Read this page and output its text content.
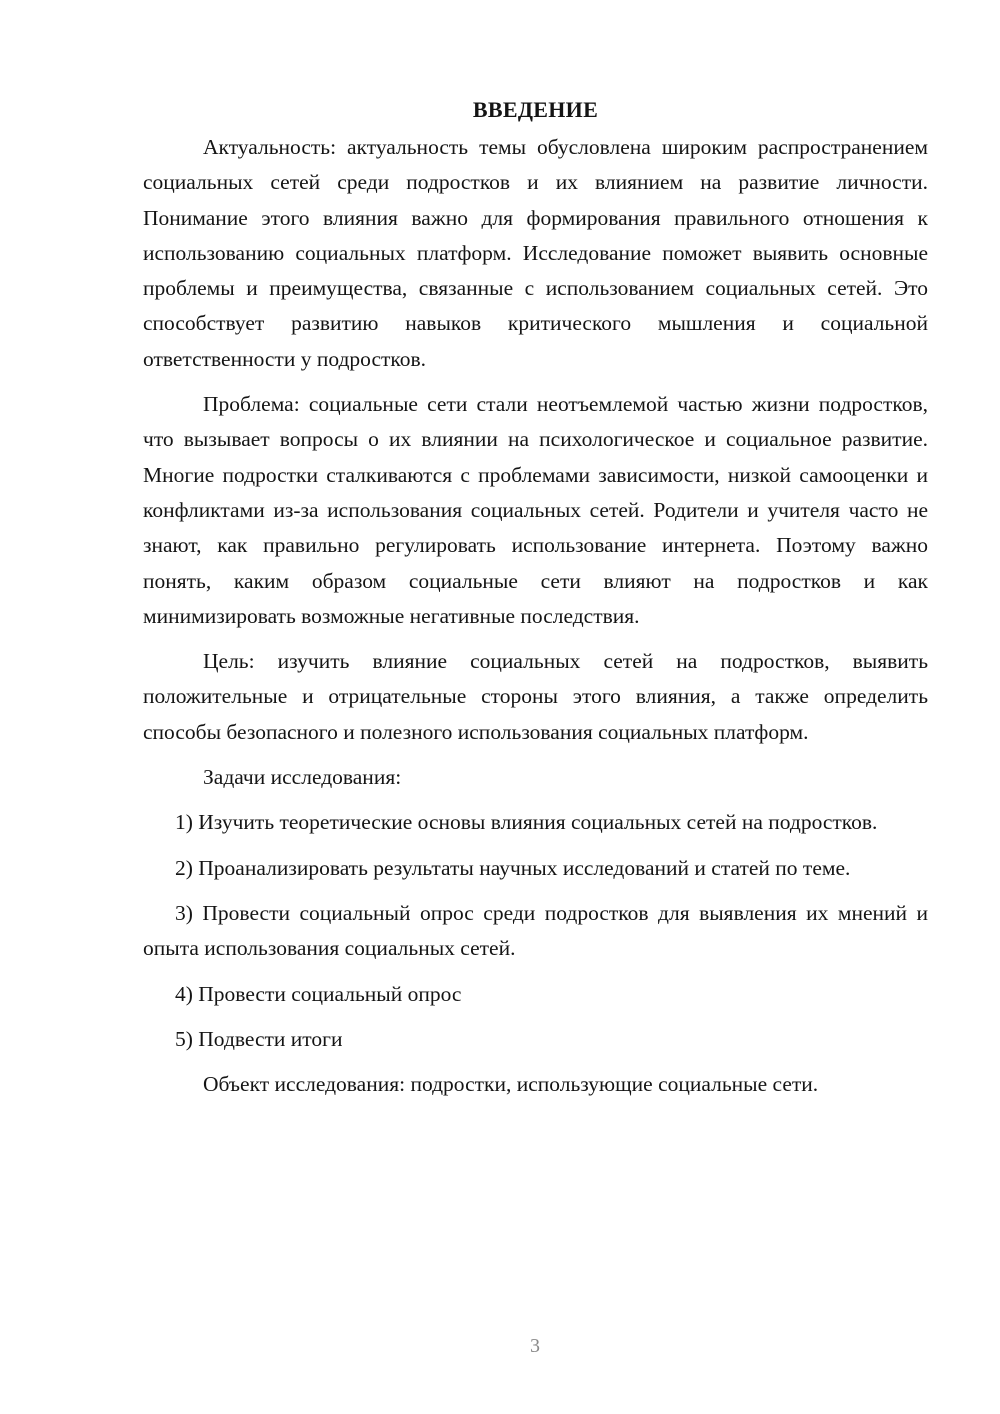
ВВЕДЕНИЕ

Актуальность: актуальность темы обусловлена широким распространением социальных сетей среди подростков и их влиянием на развитие личности. Понимание этого влияния важно для формирования правильного отношения к использованию социальных платформ. Исследование поможет выявить основные проблемы и преимущества, связанные с использованием социальных сетей. Это способствует развитию навыков критического мышления и социальной ответственности у подростков.

Проблема: социальные сети стали неотъемлемой частью жизни подростков, что вызывает вопросы о их влиянии на психологическое и социальное развитие. Многие подростки сталкиваются с проблемами зависимости, низкой самооценки и конфликтами из-за использования социальных сетей. Родители и учителя часто не знают, как правильно регулировать использование интернета. Поэтому важно понять, каким образом социальные сети влияют на подростков и как минимизировать возможные негативные последствия.

Цель: изучить влияние социальных сетей на подростков, выявить положительные и отрицательные стороны этого влияния, а также определить способы безопасного и полезного использования социальных платформ.

Задачи исследования:

1) Изучить теоретические основы влияния социальных сетей на подростков.

2) Проанализировать результаты научных исследований и статей по теме.

3) Провести социальный опрос среди подростков для выявления их мнений и опыта использования социальных сетей.

4) Провести социальный опрос

5) Подвести итоги

Объект исследования: подростки, использующие социальные сети.

3
